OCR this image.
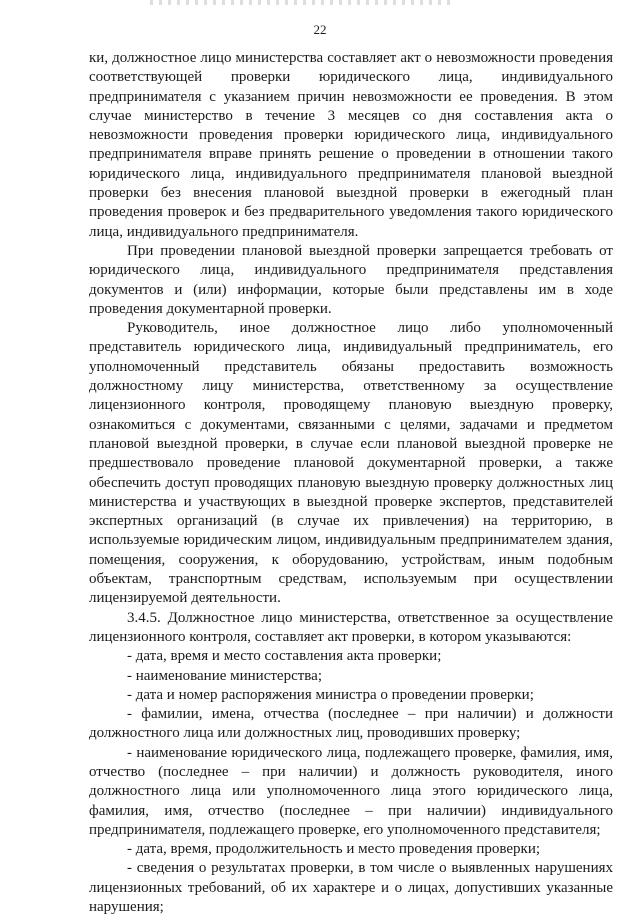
22

ки, должностное лицо министерства составляет акт о невозможности проведения соответствующей проверки юридического лица, индивидуального предпринимателя с указанием причин невозможности ее проведения. В этом случае министерство в течение 3 месяцев со дня составления акта о невозможности проведения проверки юридического лица, индивидуального предпринимателя вправе принять решение о проведении в отношении такого юридического лица, индивидуального предпринимателя плановой выездной проверки без внесения плановой выездной проверки в ежегодный план проведения проверок и без предварительного уведомления такого юридического лица, индивидуального предпринимателя.

При проведении плановой выездной проверки запрещается требовать от юридического лица, индивидуального предпринимателя представления документов и (или) информации, которые были представлены им в ходе проведения документарной проверки.

Руководитель, иное должностное лицо либо уполномоченный представитель юридического лица, индивидуальный предприниматель, его уполномоченный представитель обязаны предоставить возможность должностному лицу министерства, ответственному за осуществление лицензионного контроля, проводящему плановую выездную проверку, ознакомиться с документами, связанными с целями, задачами и предметом плановой выездной проверки, в случае если плановой выездной проверке не предшествовало проведение плановой документарной проверки, а также обеспечить доступ проводящих плановую выездную проверку должностных лиц министерства и участвующих в выездной проверке экспертов, представителей экспертных организаций (в случае их привлечения) на территорию, в используемые юридическим лицом, индивидуальным предпринимателем здания, помещения, сооружения, к оборудованию, устройствам, иным подобным объектам, транспортным средствам, используемым при осуществлении лицензируемой деятельности.

3.4.5. Должностное лицо министерства, ответственное за осуществление лицензионного контроля, составляет акт проверки, в котором указываются:

- дата, время и место составления акта проверки;

- наименование министерства;

- дата и номер распоряжения министра о проведении проверки;

- фамилии, имена, отчества (последнее – при наличии) и должности должностного лица или должностных лиц, проводивших проверку;

- наименование юридического лица, подлежащего проверке, фамилия, имя, отчество (последнее – при наличии) и должность руководителя, иного должностного лица или уполномоченного лица этого юридического лица, фамилия, имя, отчество (последнее – при наличии) индивидуального предпринимателя, подлежащего проверке, его уполномоченного представителя;

- дата, время, продолжительность и место проведения проверки;

- сведения о результатах проверки, в том числе о выявленных нарушениях лицензионных требований, об их характере и о лицах, допустивших указанные нарушения;
